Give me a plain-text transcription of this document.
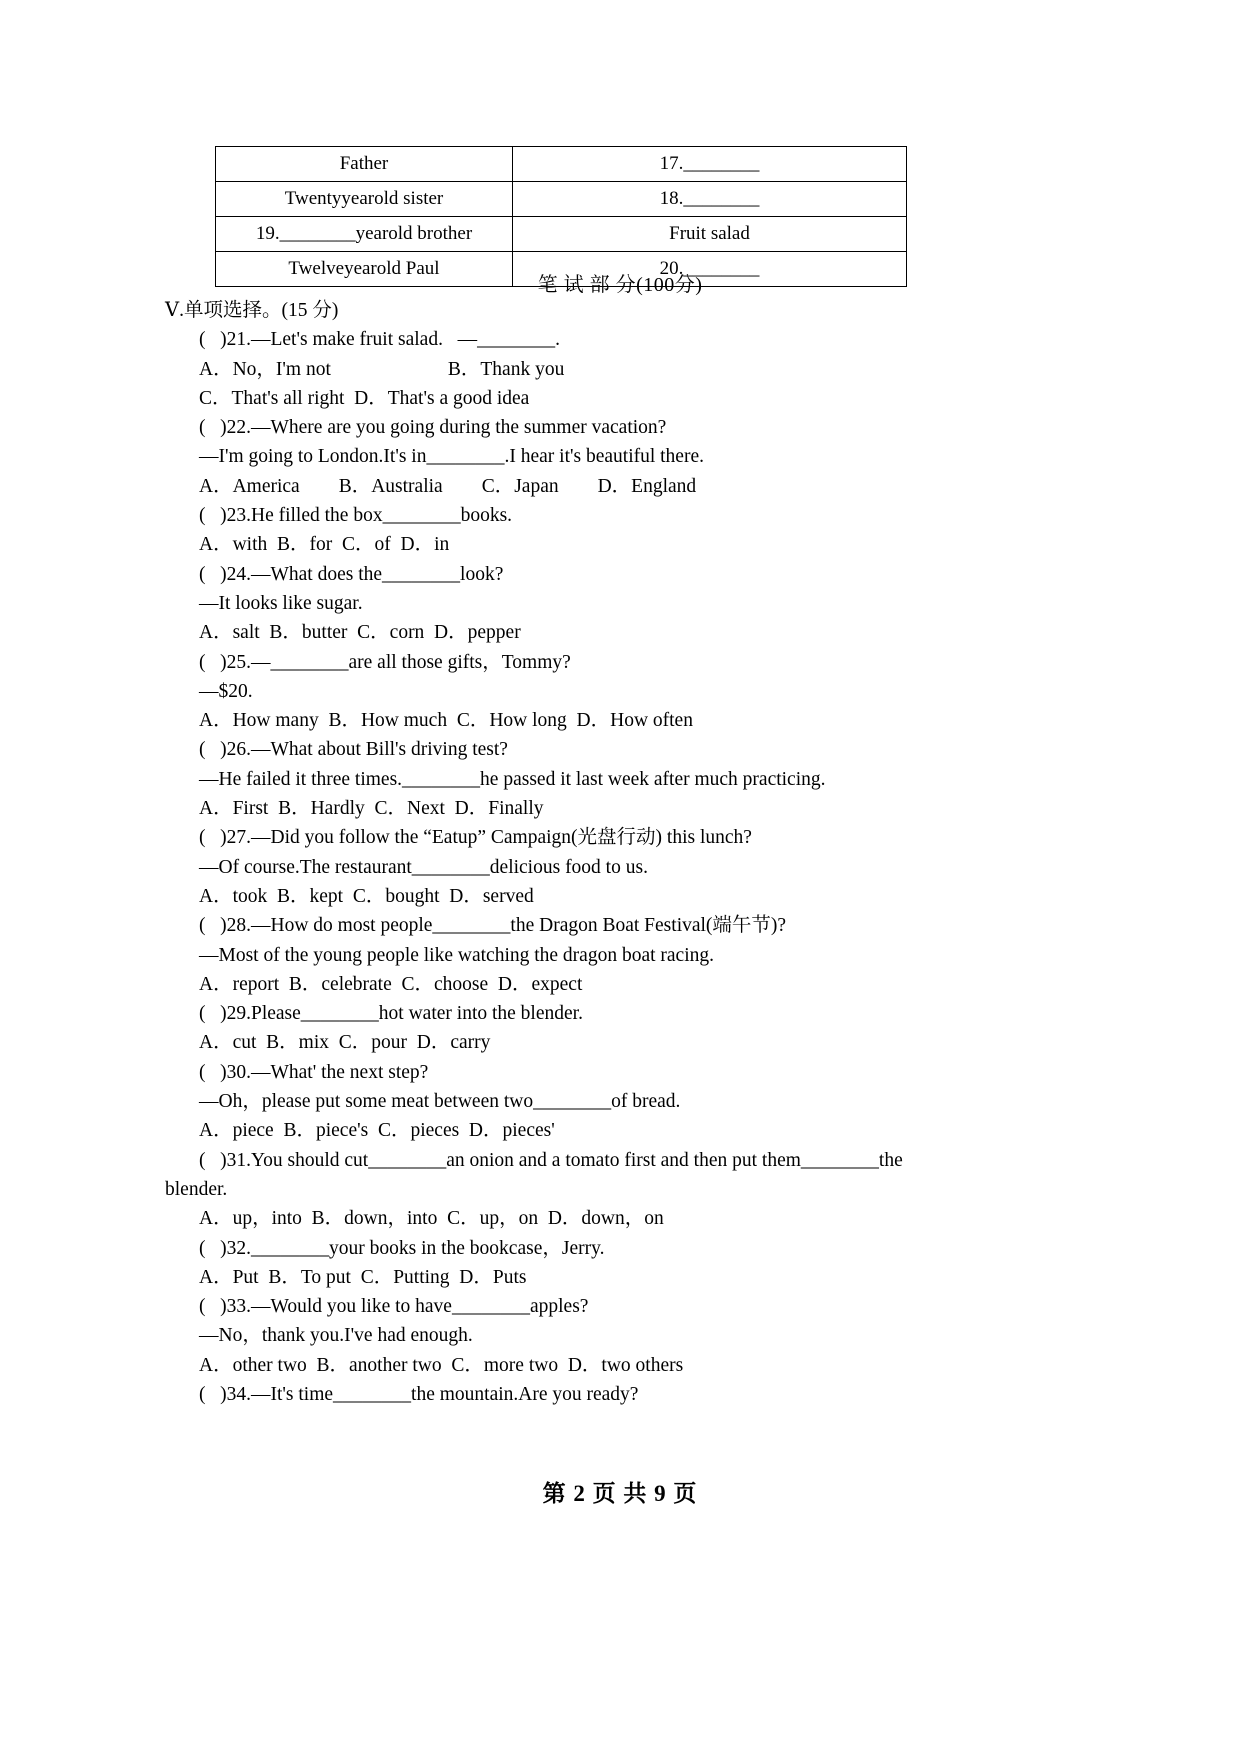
Father	17.________
Twentyyearold sister	18.________
19.________yearold brother	Fruit salad
Twelveyearold Paul	20.________
笔 试 部 分(100分)
Ⅴ.单项选择。(15 分)
(   )21.—Let's make fruit salad.   —________.
A．No，I'm not                        B．Thank you
C．That's all right  D．That's a good idea
(   )22.—Where are you going during the summer vacation?
—I'm going to London.It's in________.I hear it's beautiful there.
A．America        B．Australia        C．Japan        D．England
(   )23.He filled the box________books.
A．with  B．for  C．of  D．in
(   )24.—What does the________look?
—It looks like sugar.
A．salt  B．butter  C．corn  D．pepper
(   )25.—________are all those gifts，Tommy?
—$20.
A．How many  B．How much  C．How long  D．How often
(   )26.—What about Bill's driving test?
—He failed it three times.________he passed it last week after much practicing.
A．First  B．Hardly  C．Next  D．Finally
(   )27.—Did you follow the “Eatup” Campaign(光盘行动) this lunch?
—Of course.The restaurant________delicious food to us.
A．took  B．kept  C．bought  D．served
(   )28.—How do most people________the Dragon Boat Festival(端午节)?
—Most of the young people like watching the dragon boat racing.
A．report  B．celebrate  C．choose  D．expect
(   )29.Please________hot water into the blender.
A．cut  B．mix  C．pour  D．carry
(   )30.—What' the next step?
—Oh，please put some meat between two________of bread.
A．piece  B．piece's  C．pieces  D．pieces'
(   )31.You should cut________an onion and a tomato first and then put them________the
blender.
A．up，into  B．down，into  C．up，on  D．down，on
(   )32.________your books in the bookcase，Jerry.
A．Put  B．To put  C．Putting  D．Puts
(   )33.—Would you like to have________apples?
—No，thank you.I've had enough.
A．other two  B．another two  C．more two  D．two others
(   )34.—It's time________the mountain.Are you ready?
第 2 页 共 9 页
